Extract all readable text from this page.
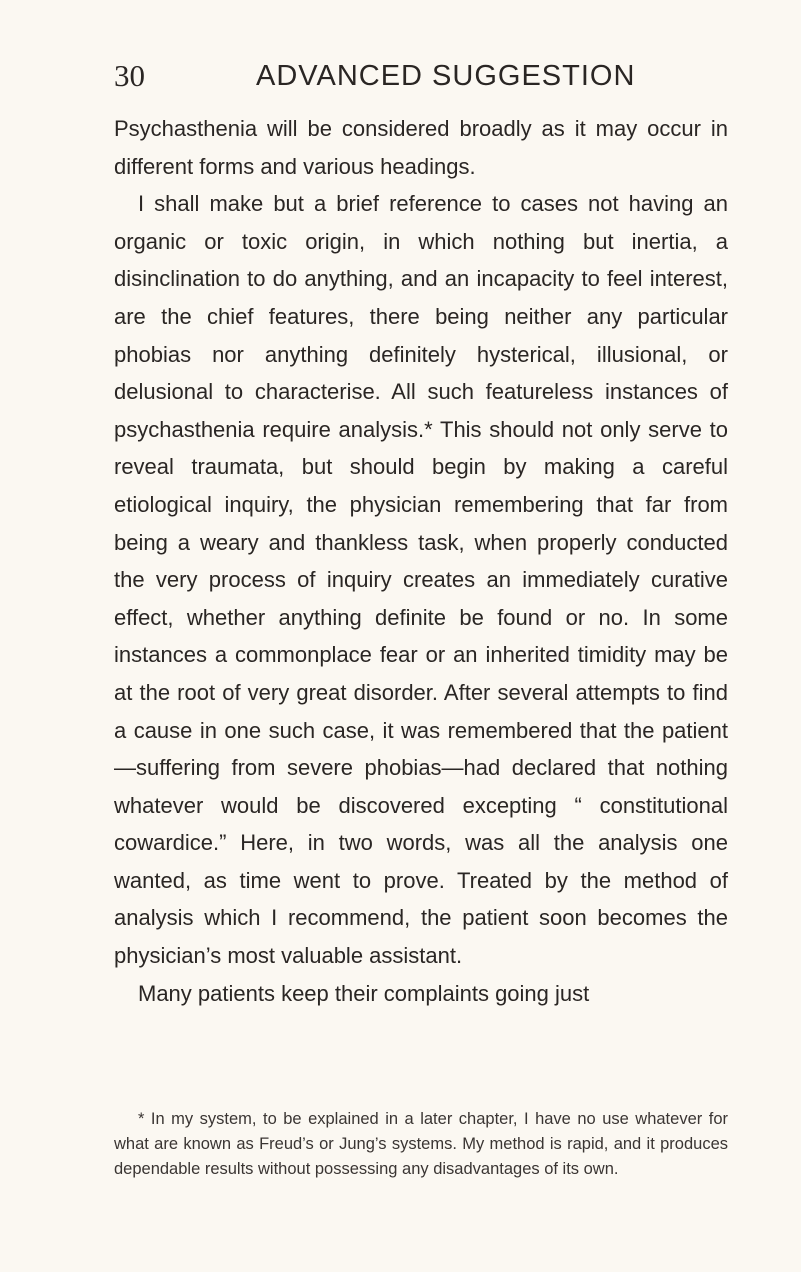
30	ADVANCED SUGGESTION

Psychasthenia will be considered broadly as it may occur in different forms and various headings.

I shall make but a brief reference to cases not having an organic or toxic origin, in which nothing but inertia, a disinclination to do anything, and an incapacity to feel interest, are the chief features, there being neither any particular phobias nor anything definitely hysterical, illusional, or delusional to characterise. All such featureless instances of psychasthenia require analysis.* This should not only serve to reveal traumata, but should begin by making a careful etiological inquiry, the physician remembering that far from being a weary and thankless task, when properly conducted the very process of inquiry creates an immediately curative effect, whether anything definite be found or no. In some instances a commonplace fear or an inherited timidity may be at the root of very great disorder. After several attempts to find a cause in one such case, it was remembered that the patient—suffering from severe phobias—had declared that nothing whatever would be discovered excepting “ constitutional cowardice.” Here, in two words, was all the analysis one wanted, as time went to prove. Treated by the method of analysis which I recommend, the patient soon becomes the physician’s most valuable assistant.

Many patients keep their complaints going just

* In my system, to be explained in a later chapter, I have no use whatever for what are known as Freud’s or Jung’s systems. My method is rapid, and it produces dependable results without possessing any disadvantages of its own.
